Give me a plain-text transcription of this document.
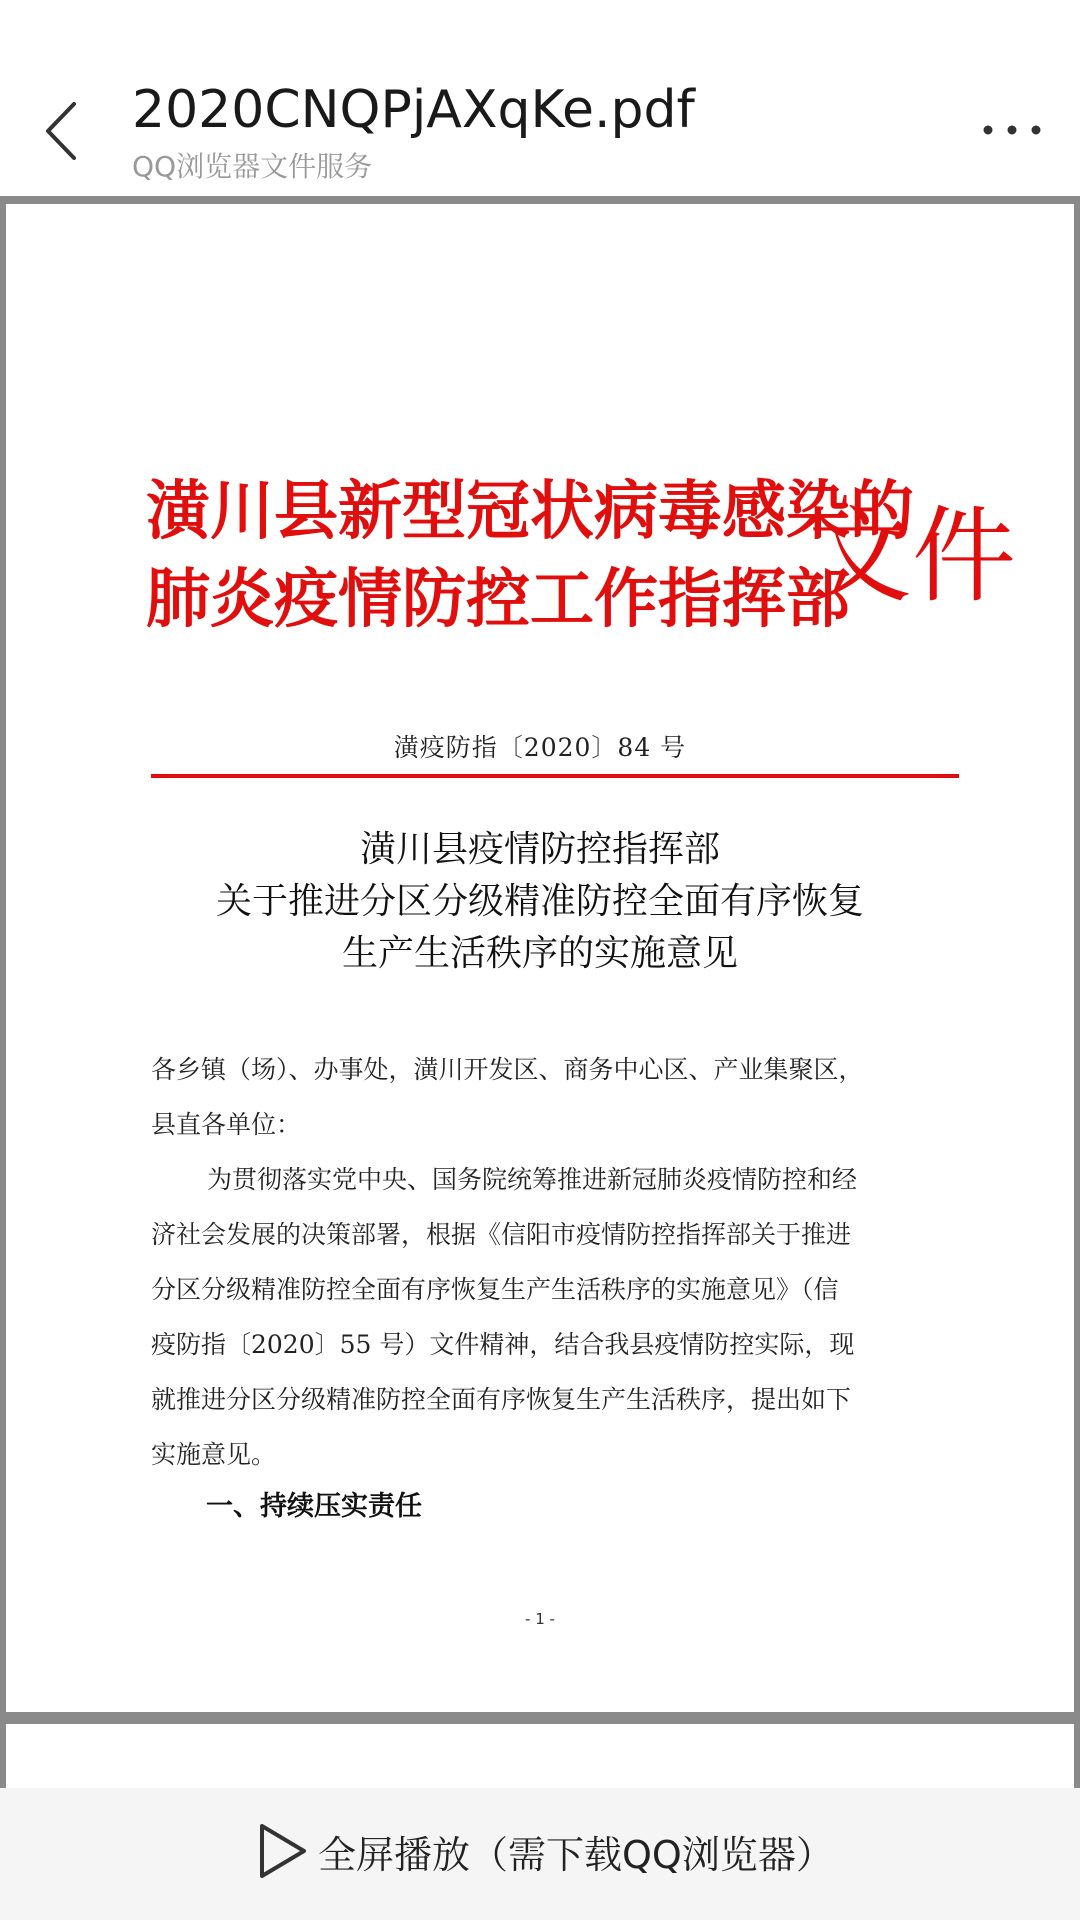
2020CNQPjAXqKe.pdf
QQ浏览器文件服务
潢川县新型冠状病毒感染的
肺炎疫情防控工作指挥部
文件
潢疫防指〔2020〕84 号
潢川县疫情防控指挥部
关于推进分区分级精准防控全面有序恢复
生产生活秩序的实施意见

各乡镇（场）、办事处，潢川开发区、商务中心区、产业集聚区，

县直各单位：

为贯彻落实党中央、国务院统筹推进新冠肺炎疫情防控和经

济社会发展的决策部署，根据《信阳市疫情防控指挥部关于推进

分区分级精准防控全面有序恢复生产生活秩序的实施意见》（信

疫防指〔2020〕55 号）文件精神，结合我县疫情防控实际，现

就推进分区分级精准防控全面有序恢复生产生活秩序，提出如下

实施意见。

一、持续压实责任
- 1 -
全屏播放（需下载QQ浏览器）
